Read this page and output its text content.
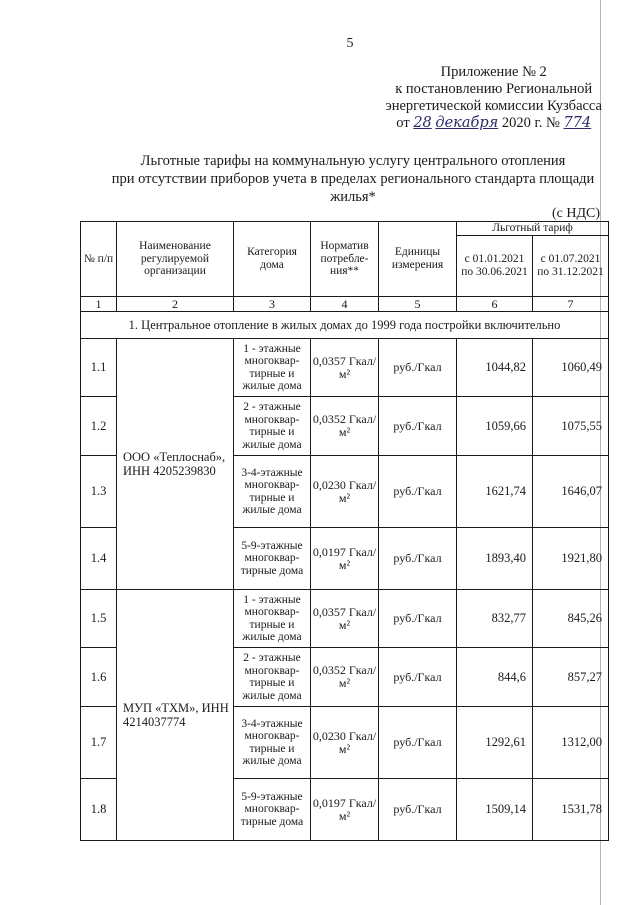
5
Приложение № 2
к постановлению Региональной
энергетической комиссии Кузбасса
от 28 декабря 2020 г. № 774
Льготные тарифы на коммунальную услугу центрального отопления
при отсутствии приборов учета в пределах регионального стандарта площади
жилья*
(с НДС)
№ п/п	Наименование регулируемой организации	Категория дома	Норматив потребле-ния**	Единицы измерения	Льготный тариф	
					с 01.01.2021 по 30.06.2021	с 01.07.2021 по 31.12.2021
1	2	3	4	5	6	7
1. Центральное отопление в жилых домах до 1999 года постройки включительно						
1.1	ООО «Теплоснаб», ИНН 4205239830	1 - этажные многоквар-тирные и жилые дома	0,0357 Гкал/м²	руб./Гкал	1044,82	1060,49
1.2		2 - этажные многоквар-тирные и жилые дома	0,0352 Гкал/м²	руб./Гкал	1059,66	1075,55
1.3		3-4-этажные многоквар-тирные и жилые дома	0,0230 Гкал/м²	руб./Гкал	1621,74	1646,07
1.4		5-9-этажные многоквар-тирные дома	0,0197 Гкал/м²	руб./Гкал	1893,40	1921,80
1.5	МУП «ТХМ», ИНН 4214037774	1 - этажные многоквар-тирные и жилые дома	0,0357 Гкал/м²	руб./Гкал	832,77	845,26
1.6		2 - этажные многоквар-тирные и жилые дома	0,0352 Гкал/м²	руб./Гкал	844,6	857,27
1.7		3-4-этажные многоквар-тирные и жилые дома	0,0230 Гкал/м²	руб./Гкал	1292,61	1312,00
1.8		5-9-этажные многоквар-тирные дома	0,0197 Гкал/м²	руб./Гкал	1509,14	1531,78
